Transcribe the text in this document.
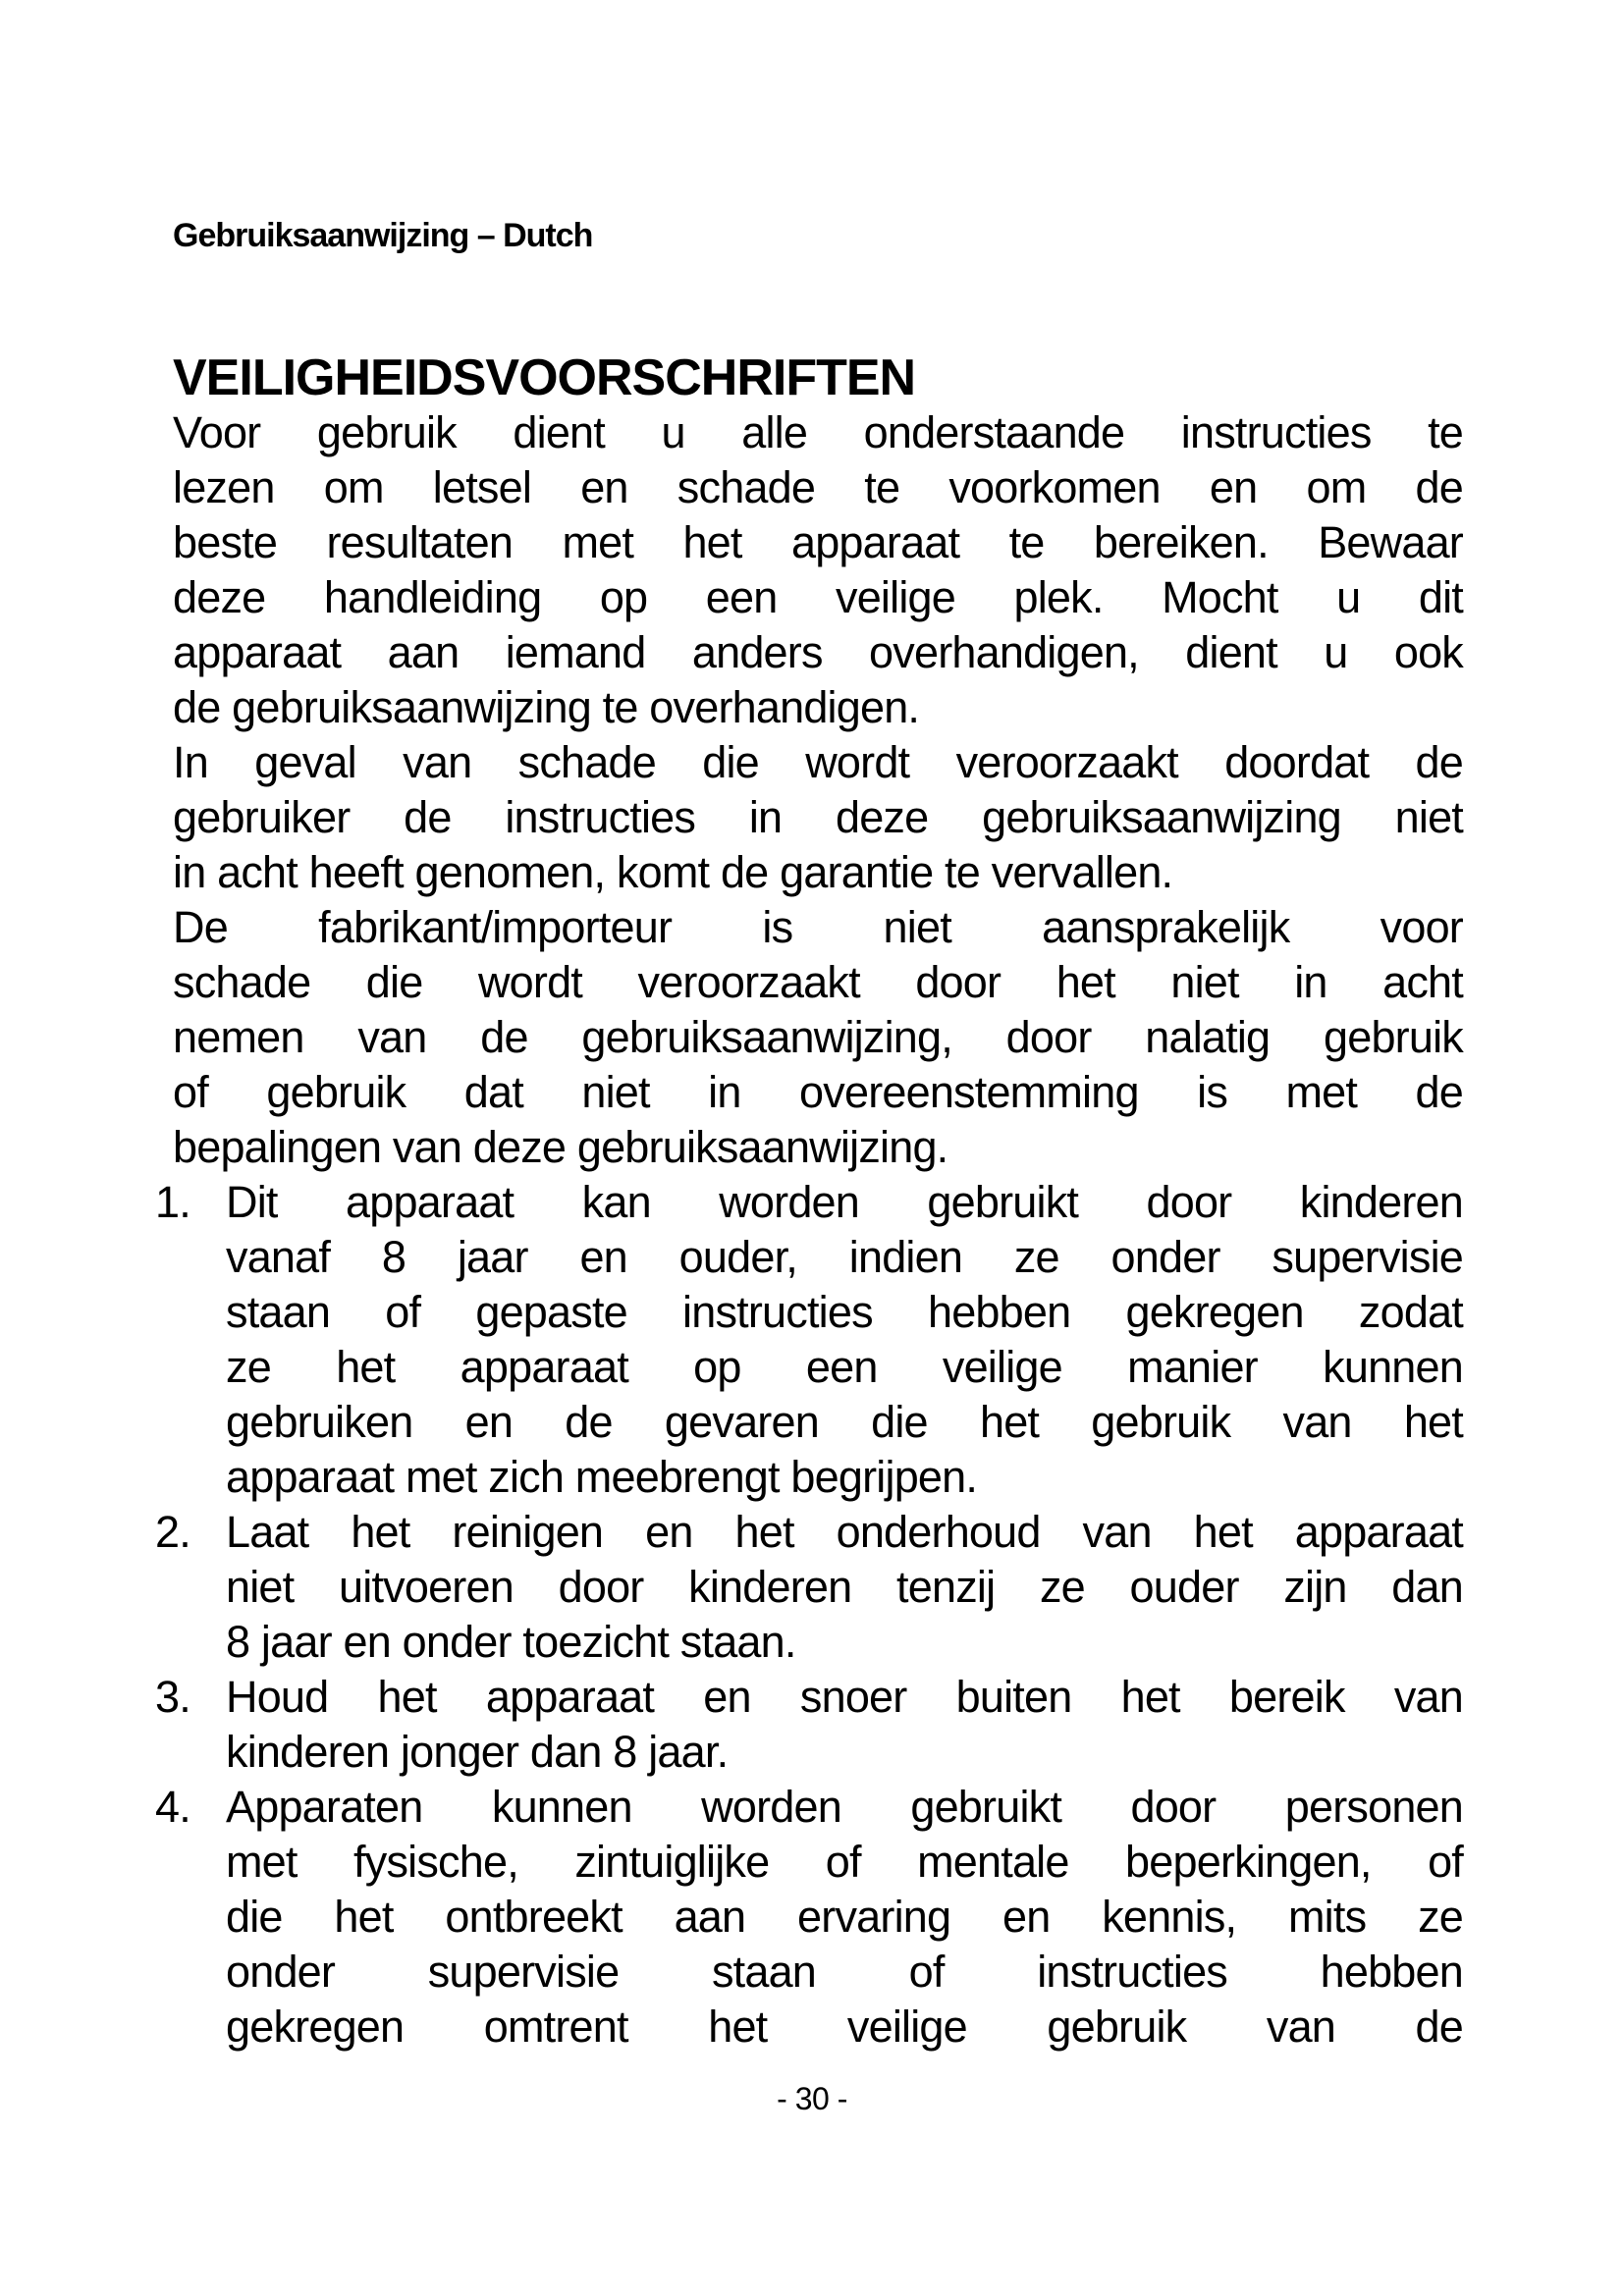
Gebruiksaanwijzing – Dutch
VEILIGHEIDSVOORSCHRIFTEN
Voor gebruik dient u alle onderstaande instructies te
lezen om letsel en schade te voorkomen en om de
beste resultaten met het apparaat te bereiken. Bewaar
deze handleiding op een veilige plek. Mocht u dit
apparaat aan iemand anders overhandigen, dient u ook
de gebruiksaanwijzing te overhandigen.
In geval van schade die wordt veroorzaakt doordat de
gebruiker de instructies in deze gebruiksaanwijzing niet
in acht heeft genomen, komt de garantie te vervallen.
De fabrikant/importeur is niet aansprakelijk voor
schade die wordt veroorzaakt door het niet in acht
nemen van de gebruiksaanwijzing, door nalatig gebruik
of gebruik dat niet in overeenstemming is met de
bepalingen van deze gebruiksaanwijzing.
1. Dit apparaat kan worden gebruikt door kinderen
vanaf 8 jaar en ouder, indien ze onder supervisie
staan of gepaste instructies hebben gekregen zodat
ze het apparaat op een veilige manier kunnen
gebruiken en de gevaren die het gebruik van het
apparaat met zich meebrengt begrijpen.
2. Laat het reinigen en het onderhoud van het apparaat
niet uitvoeren door kinderen tenzij ze ouder zijn dan
8 jaar en onder toezicht staan.
3. Houd het apparaat en snoer buiten het bereik van
kinderen jonger dan 8 jaar.
4. Apparaten kunnen worden gebruikt door personen
met fysische, zintuiglijke of mentale beperkingen, of
die het ontbreekt aan ervaring en kennis, mits ze
onder supervisie staan of instructies hebben
gekregen omtrent het veilige gebruik van de
- 30 -
